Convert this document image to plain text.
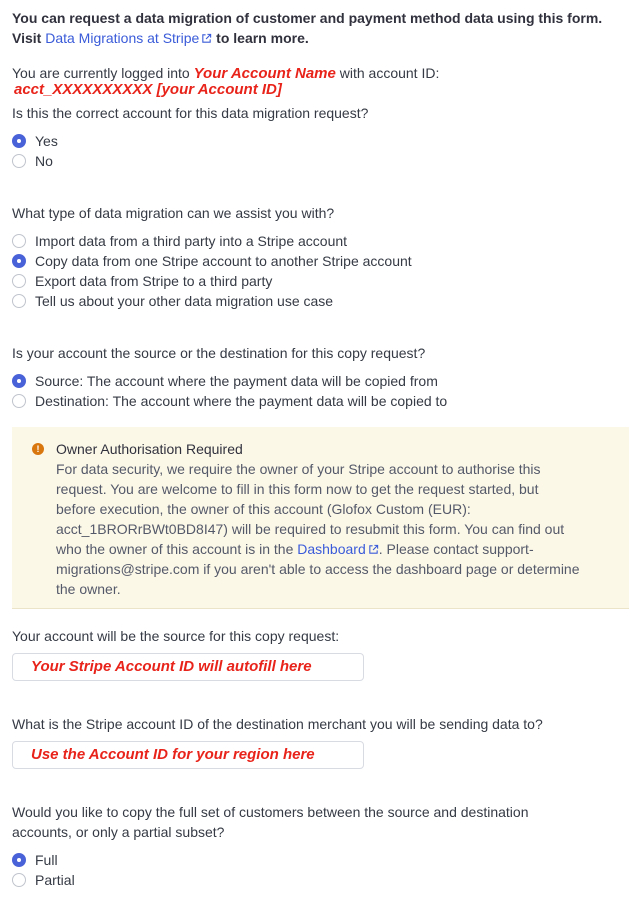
You can request a data migration of customer and payment method data using this form.
Visit Data Migrations at Stripe to learn more.
You are currently logged into Your Account Name with account ID:
acct_XXXXXXXXXX [your Account ID]
Is this the correct account for this data migration request?
Yes
No
What type of data migration can we assist you with?
Import data from a third party into a Stripe account
Copy data from one Stripe account to another Stripe account
Export data from Stripe to a third party
Tell us about your other data migration use case
Is your account the source or the destination for this copy request?
Source: The account where the payment data will be copied from
Destination: The account where the payment data will be copied to
!	Owner Authorisation Required
For data security, we require the owner of your Stripe account to authorise this
request. You are welcome to fill in this form now to get the request started, but
before execution, the owner of this account (Glofox Custom (EUR):
acct_1BRORrBWt0BD8I47) will be required to resubmit this form. You can find out
who the owner of this account is in the Dashboard . Please contact support-
migrations@stripe.com if you aren't able to access the dashboard page or determine
the owner.
Your account will be the source for this copy request:
Your Stripe Account ID will autofill here
What is the Stripe account ID of the destination merchant you will be sending data to?
Use the Account ID for your region here
Would you like to copy the full set of customers between the source and destination
accounts, or only a partial subset?
Full
Partial
